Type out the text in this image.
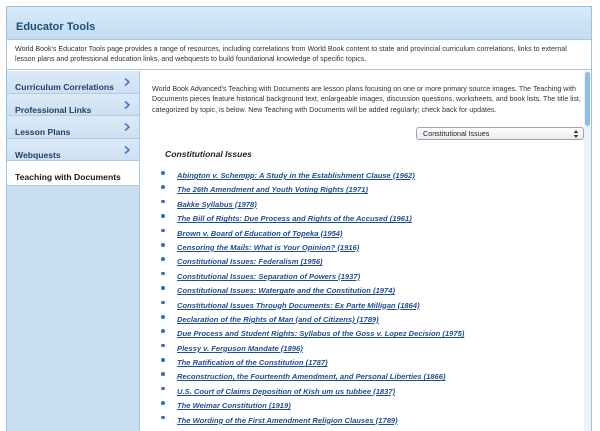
Educator Tools
World Book's Educator Tools page provides a range of resources, including correlations from World Book content to state and provincial curriculum correlations, links to external lesson plans and professional education links, and webquests to build foundational knowledge of specific topics.
Curriculum Correlations
Professional Links
Lesson Plans
Webquests
Teaching with Documents

World Book Advanced's Teaching with Documents are lesson plans focusing on one or more primary source images. The Teaching with Documents pieces feature historical background text, enlargeable images, discussion questions, worksheets, and book lists. The title list, categorized by topic, is below. New Teaching with Documents will be added regularly; check back for updates.

Constitutional Issues
Constitutional Issues
Abington v. Schempp: A Study in the Establishment Clause (1962)
The 26th Amendment and Youth Voting Rights (1971)
Bakke Syllabus (1978)
The Bill of Rights: Due Process and Rights of the Accused (1961)
Brown v. Board of Education of Topeka (1954)
Censoring the Mails: What is Your Opinion? (1916)
Constitutional Issues: Federalism (1956)
Constitutional Issues: Separation of Powers (1937)
Constitutional Issues: Watergate and the Constitution (1974)
Constitutional Issues Through Documents: Ex Parte Milligan (1864)
Declaration of the Rights of Man (and of Citizens) (1789)
Due Process and Student Rights: Syllabus of the Goss v. Lopez Decision (1975)
Plessy v. Ferguson Mandate (1896)
The Ratification of the Constitution (1787)
Reconstruction, the Fourteenth Amendment, and Personal Liberties (1866)
U.S. Court of Claims Deposition of Kish um us tubbee (1837)
The Weimar Constitution (1919)
The Wording of the First Amendment Religion Clauses (1789)
